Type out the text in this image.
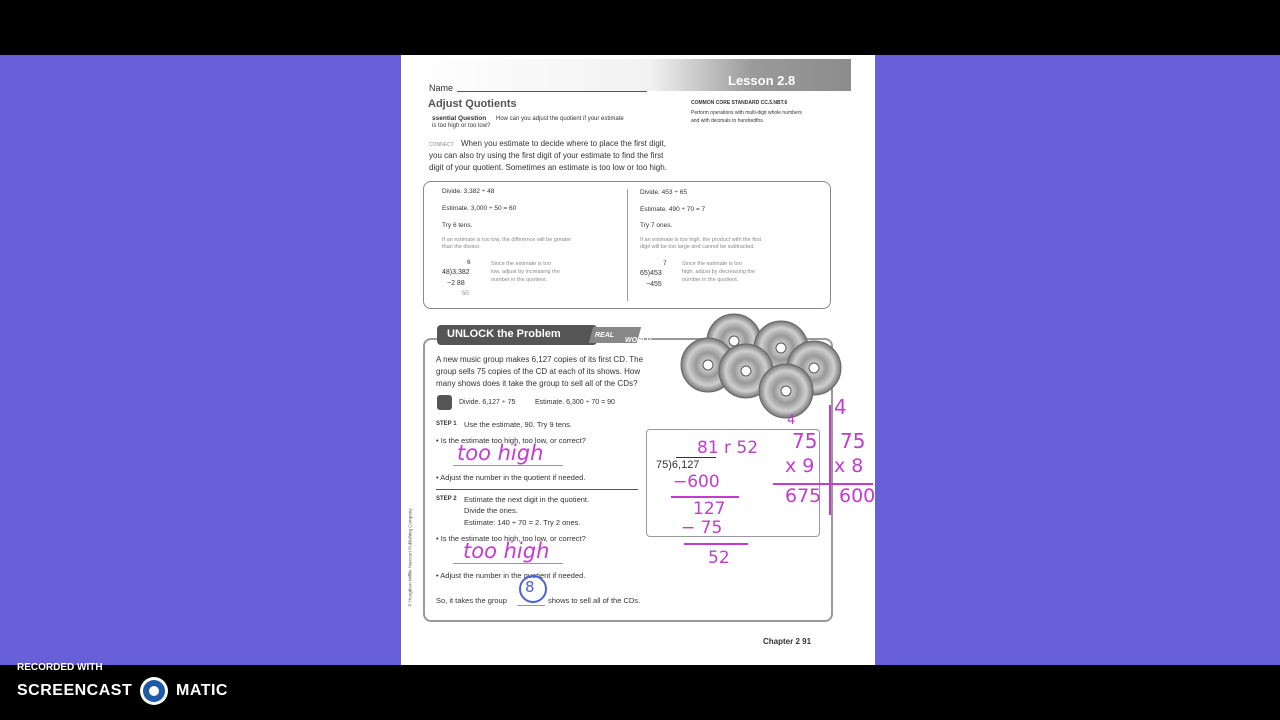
Lesson 2.8
Name
Adjust Quotients	COMMON CORE STANDARD CC.5.NBT.6
Perform operations with multi-digit whole numbers
and with decimals to hundredths.
ssential Question How can you adjust the quotient if your estimate
is too high or too low?
CONNECT When you estimate to decide where to place the first digit,
you can also try using the first digit of your estimate to find the first
digit of your quotient. Sometimes an estimate is too low or too high.
Divide. 3,382 ÷ 48
Estimate. 3,000 ÷ 50 = 60
Try 6 tens.
If an estimate is too low, the difference will be greater
than the divisor.
6
48)3,382
−2 88
50
Since the estimate is too
low, adjust by increasing the
number in the quotient.
Divide. 453 ÷ 65
Estimate. 490 ÷ 70 = 7
Try 7 ones.
If an estimate is too high, the product with the first
digit will be too large and cannot be subtracted.
7
65)453
−455
Since the estimate is too
high, adjust by decreasing the
number in the quotient.
UNLOCK the Problem	REAL
WORLD
A new music group makes 6,127 copies of its first CD. The
group sells 75 copies of the CD at each of its shows. How
many shows does it take the group to sell all of the CDs?
Divide. 6,127 ÷ 75	Estimate. 6,300 ÷ 70 = 90
STEP 1 Use the estimate, 90. Try 9 tens.
• Is the estimate too high, too low, or correct?
• Adjust the number in the quotient if needed.
STEP 2 Estimate the next digit in the quotient.
Divide the ones.
Estimate: 140 ÷ 70 = 2. Try 2 ones.
• Is the estimate too high, too low, or correct?
• Adjust the number in the quotient if needed.
So, it takes the group	shows to sell all of the CDs.
75)6,127
© Houghton Mifflin Harcourt Publishing Company
Chapter 2 91
too high
too high
8
81 r 52
−600
127
− 75
52
4
75
x 9
675
4
75
x 8
600
RECORDED WITH
SCREENCAST	MATIC
